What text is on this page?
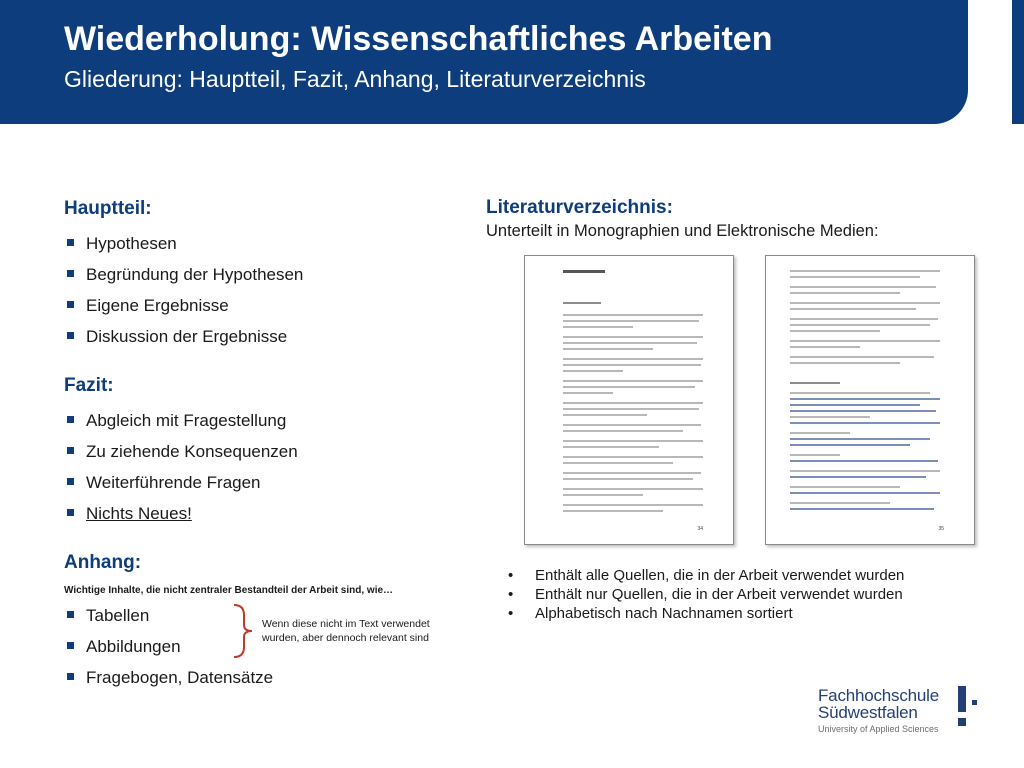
Wiederholung: Wissenschaftliches Arbeiten
Gliederung: Hauptteil, Fazit, Anhang, Literaturverzeichnis
Hauptteil:
Hypothesen
Begründung der Hypothesen
Eigene Ergebnisse
Diskussion der Ergebnisse
Fazit:
Abgleich mit Fragestellung
Zu ziehende Konsequenzen
Weiterführende Fragen
Nichts Neues!
Anhang:
Wichtige Inhalte, die nicht zentraler Bestandteil der Arbeit sind, wie…
Tabellen
Abbildungen
Fragebogen, Datensätze
Wenn diese nicht im Text verwendet
wurden, aber dennoch relevant sind
Literaturverzeichnis:
Unterteilt in Monographien und Elektronische Medien:
34	35
• Enthält alle Quellen, die in der Arbeit verwendet wurden
• Enthält nur Quellen, die in der Arbeit verwendet wurden
• Alphabetisch nach Nachnamen sortiert
Fachhochschule
Südwestfalen
University of Applied Sciences
